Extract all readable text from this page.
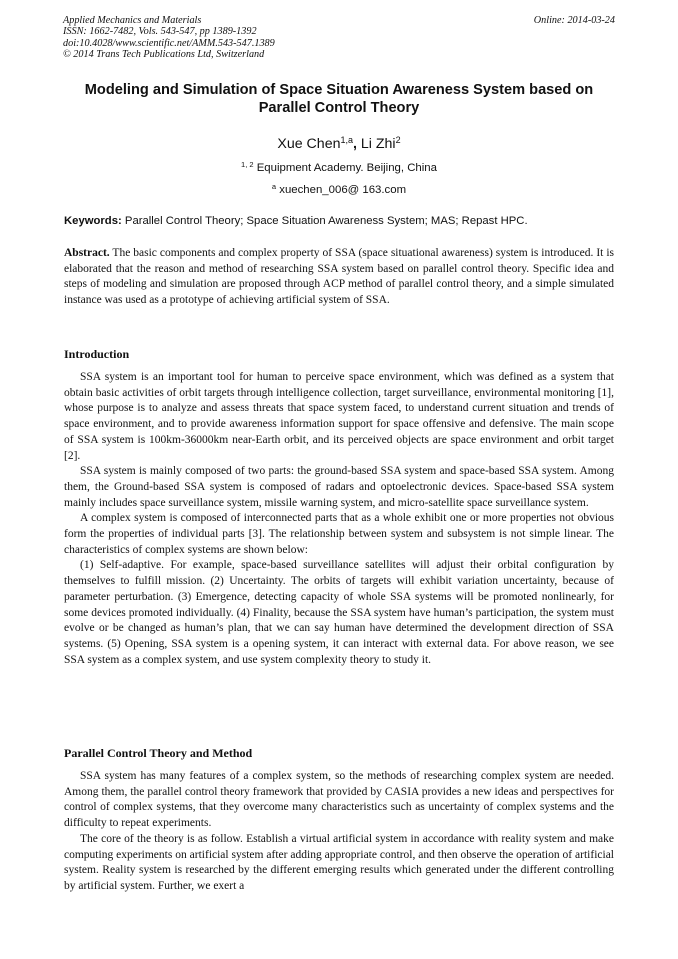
Applied Mechanics and Materials
ISSN: 1662-7482, Vols. 543-547, pp 1389-1392
doi:10.4028/www.scientific.net/AMM.543-547.1389
© 2014 Trans Tech Publications Ltd, Switzerland
Online: 2014-03-24
Modeling and Simulation of Space Situation Awareness System based on Parallel Control Theory
Xue Chen$^{1,a}$, Li Zhi$^2$
$^{1, 2}$ Equipment Academy. Beijing, China
$^a$ xuechen_006@ 163.com
Keywords: Parallel Control Theory; Space Situation Awareness System; MAS; Repast HPC.

Abstract. The basic components and complex property of SSA (space situational awareness) system is introduced. It is elaborated that the reason and method of researching SSA system based on parallel control theory. Specific idea and steps of modeling and simulation are proposed through ACP method of parallel control theory, and a simple simulated instance was used as a prototype of achieving artificial system of SSA.

Introduction

SSA system is an important tool for human to perceive space environment, which was defined as a system that obtain basic activities of orbit targets through intelligence collection, target surveillance, environmental monitoring [1], whose purpose is to analyze and assess threats that space system faced, to understand current situation and trends of space environment, and to provide awareness information support for space offensive and defensive. The main scope of SSA system is 100km-36000km near-Earth orbit, and its perceived objects are space environment and orbit target [2].

SSA system is mainly composed of two parts: the ground-based SSA system and space-based SSA system. Among them, the Ground-based SSA system is composed of radars and optoelectronic devices. Space-based SSA system mainly includes space surveillance system, missile warning system, and micro-satellite space surveillance system.

A complex system is composed of interconnected parts that as a whole exhibit one or more properties not obvious form the properties of individual parts [3]. The relationship between system and subsystem is not simple linear. The characteristics of complex systems are shown below:

(1) Self-adaptive. For example, space-based surveillance satellites will adjust their orbital configuration by themselves to fulfill mission. (2) Uncertainty. The orbits of targets will exhibit variation uncertainty, because of parameter perturbation. (3) Emergence, detecting capacity of whole SSA systems will be promoted nonlinearly, for some devices promoted individually. (4) Finality, because the SSA system have human’s participation, the system must evolve or be changed as human’s plan, that we can say human have determined the development direction of SSA systems. (5) Opening, SSA system is a opening system, it can interact with external data. For above reason, we see SSA system as a complex system, and use system complexity theory to study it.

Parallel Control Theory and Method

SSA system has many features of a complex system, so the methods of researching complex system are needed. Among them, the parallel control theory framework that provided by CASIA provides a new ideas and perspectives for control of complex systems, that they overcome many characteristics such as uncertainty of complex systems and the difficulty to repeat experiments.

The core of the theory is as follow. Establish a virtual artificial system in accordance with reality system and make computing experiments on artificial system after adding appropriate control, and then observe the operation of artificial system. Reality system is researched by the different emerging results which generated under the different controlling by artificial system. Further, we exert a
